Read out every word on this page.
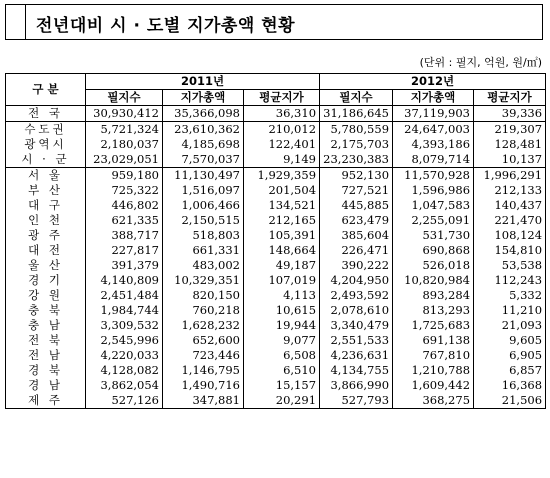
전년대비 시 · 도별 지가총액 현황
(단위 : 필지, 억원, 원/㎡)
구 분	2011년			2012년		
	필지수	지가총액	평균지가	필지수	지가총액	평균지가
전 국	30,930,412	35,366,098	36,310	31,186,645	37,119,903	39,336
수도권	5,721,324	23,610,362	210,012	5,780,559	24,647,003	219,307
광역시	2,180,037	4,185,698	122,401	2,175,703	4,393,186	128,481
시 · 군	23,029,051	7,570,037	9,149	23,230,383	8,079,714	10,137
서 울	959,180	11,130,497	1,929,359	952,130	11,570,928	1,996,291
부 산	725,322	1,516,097	201,504	727,521	1,596,986	212,133
대 구	446,802	1,006,466	134,521	445,885	1,047,583	140,437
인 천	621,335	2,150,515	212,165	623,479	2,255,091	221,470
광 주	388,717	518,803	105,391	385,604	531,730	108,124
대 전	227,817	661,331	148,664	226,471	690,868	154,810
울 산	391,379	483,002	49,187	390,222	526,018	53,538
경 기	4,140,809	10,329,351	107,019	4,204,950	10,820,984	112,243
강 원	2,451,484	820,150	4,113	2,493,592	893,284	5,332
충 북	1,984,744	760,218	10,615	2,078,610	813,293	11,210
충 남	3,309,532	1,628,232	19,944	3,340,479	1,725,683	21,093
전 북	2,545,996	652,600	9,077	2,551,533	691,138	9,605
전 남	4,220,033	723,446	6,508	4,236,631	767,810	6,905
경 북	4,128,082	1,146,795	6,510	4,134,755	1,210,788	6,857
경 남	3,862,054	1,490,716	15,157	3,866,990	1,609,442	16,368
제 주	527,126	347,881	20,291	527,793	368,275	21,506
